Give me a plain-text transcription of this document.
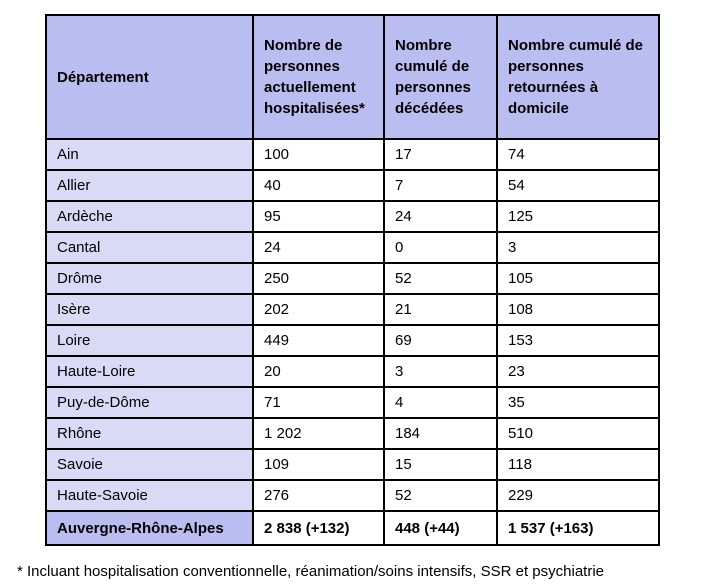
Département	Nombre de personnes actuellement hospitalisées*	Nombre cumulé de personnes décédées	Nombre cumulé de personnes retournées à domicile
Ain	100	17	74
Allier	40	7	54
Ardèche	95	24	125
Cantal	24	0	3
Drôme	250	52	105
Isère	202	21	108
Loire	449	69	153
Haute-Loire	20	3	23
Puy-de-Dôme	71	4	35
Rhône	1 202	184	510
Savoie	109	15	118
Haute-Savoie	276	52	229
Auvergne-Rhône-Alpes	2 838 (+132)	448 (+44)	1 537 (+163)
* Incluant hospitalisation conventionnelle, réanimation/soins intensifs, SSR et psychiatrie
